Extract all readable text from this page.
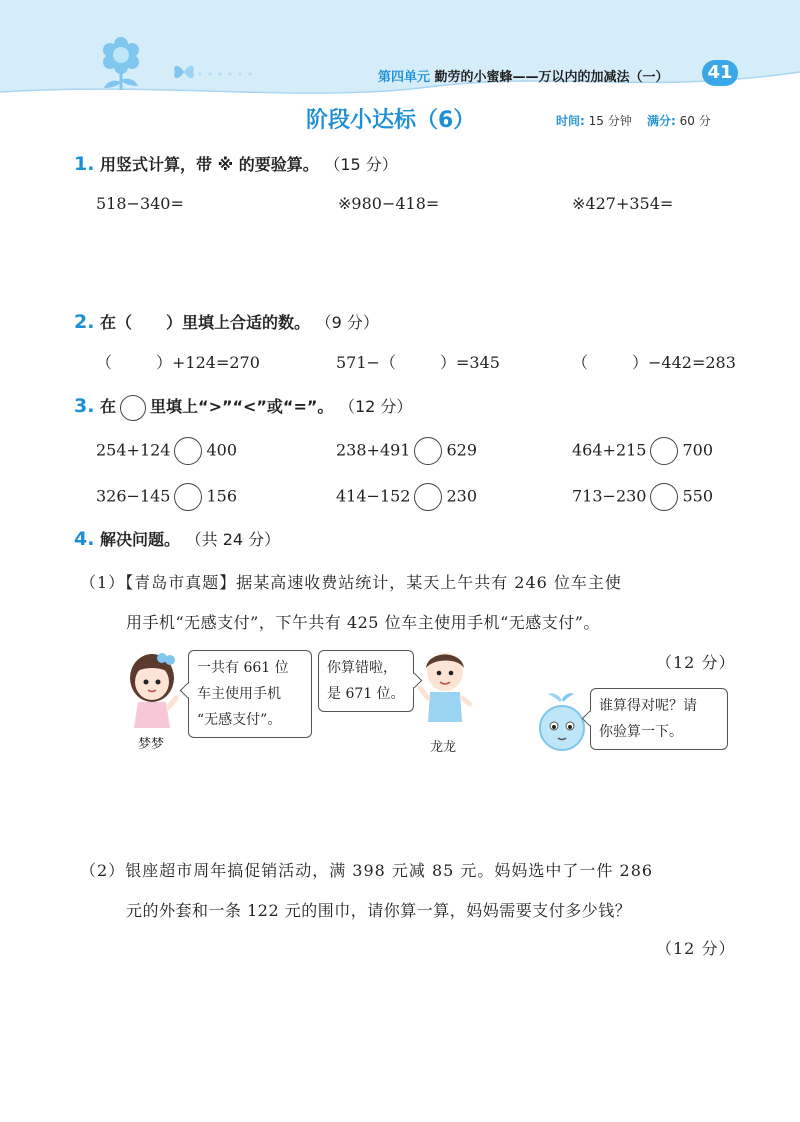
第四单元 勤劳的小蜜蜂——万以内的加减法（一）	41
阶段小达标（6）	时间: 15 分钟 满分: 60 分
1. 用竖式计算，带 ※ 的要验算。 （15 分）
518−340=	※980−418=	※427+354=
2. 在（ ）里填上合适的数。 （9 分）
（	）+124=270	571−（	）=345	（	）−442=283
3. 在 里填上“>”“<”或“=”。 （12 分）
254+124 400	238+491 629	464+215 700
326−145 156	414−152 230	713−230 550
4. 解决问题。 （共 24 分）
（1）【青岛市真题】据某高速收费站统计，某天上午共有 246 位车主使
用手机“无感支付”，下午共有 425 位车主使用手机“无感支付”。
（12 分）
梦梦
一共有 661 位
车主使用手机
“无感支付”。
你算错啦，
是 671 位。
龙龙
谁算得对呢？请
你验算一下。
（2）银座超市周年搞促销活动，满 398 元减 85 元。妈妈选中了一件 286
元的外套和一条 122 元的围巾，请你算一算，妈妈需要支付多少钱？
（12 分）
